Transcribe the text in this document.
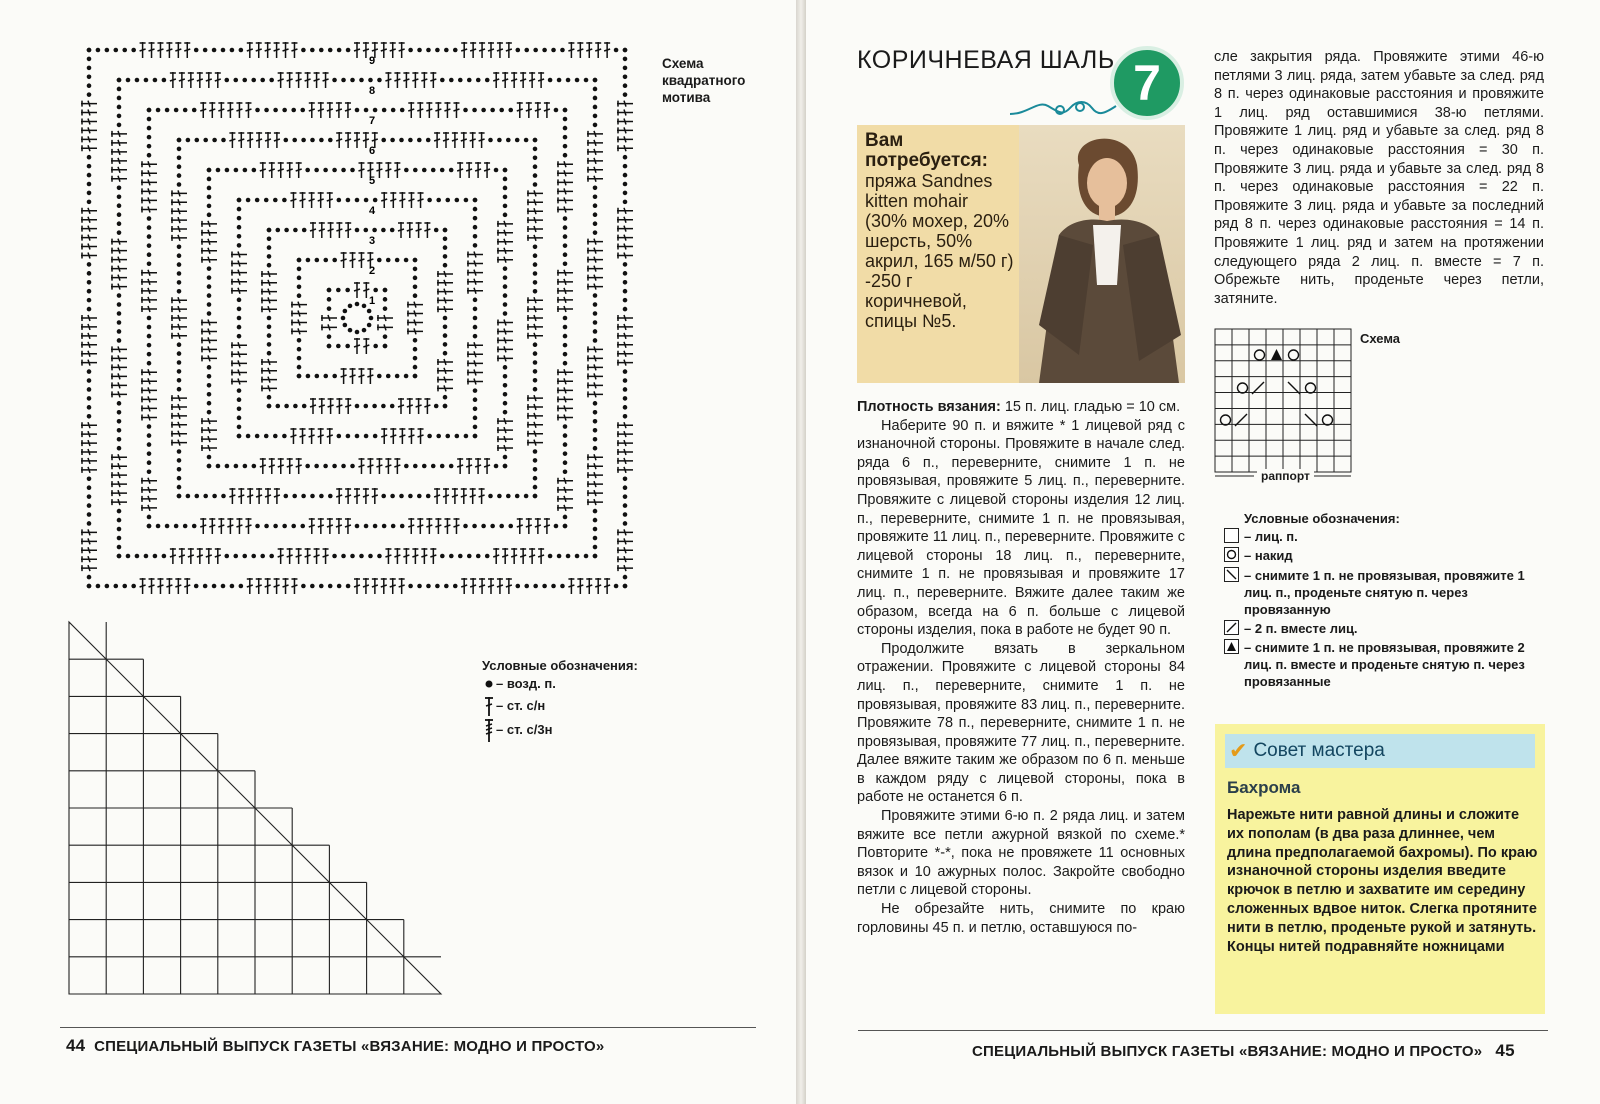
1
2
3
4
5
6
7
8
9	Схема квадратного мотива
Условные обозначения:
– возд. п.
– ст. с/н
– ст. с/3н
44 СПЕЦИАЛЬНЫЙ ВЫПУСК ГАЗЕТЫ «ВЯЗАНИЕ: МОДНО И ПРОСТО»
КОРИЧНЕВАЯ ШАЛЬ 7
Вам потребуется:
пряжа Sandnes kitten mohair (30% мохер, 20% шерсть, 50% акрил, 165 м/50 г) -250 г коричневой, спицы №5.

Плотность вязания: 15 п. лиц. гладью = 10 см.

Наберите 90 п. и вяжите * 1 лицевой ряд с изнаночной стороны. Провяжите в начале след. ряда 6 п., переверните, снимите 1 п. не провязывая, провяжите 5 лиц. п., переверните. Провяжите с лицевой стороны изделия 12 лиц. п., переверните, снимите 1 п. не провязывая, провяжите 11 лиц. п., переверните. Провяжите с лицевой стороны 18 лиц. п., переверните, снимите 1 п. не провязывая и провяжите 17 лиц. п., переверните. Вяжите далее таким же образом, всегда на 6 п. больше с лицевой стороны изделия, пока в работе не будет 90 п.

Продолжите вязать в зеркальном отражении. Провяжите с лицевой стороны 84 лиц. п., переверните, снимите 1 п. не провязывая, провяжите 83 лиц. п., переверните. Провяжите 78 п., переверните, снимите 1 п. не провязывая, провяжите 77 лиц. п., переверните. Далее вяжите таким же образом по 6 п. меньше в каждом ряду с лицевой стороны, пока в работе не останется 6 п.

Провяжите этими 6-ю п. 2 ряда лиц. и затем вяжите все петли ажурной вязкой по схеме.* Повторите *-*, пока не провяжете 11 основных вязок и 10 ажурных полос. Закройте свободно петли с лицевой стороны.

Не обрезайте нить, снимите по краю горловины 45 п. и петлю, оставшуюся по-

сле закрытия ряда. Провяжите этими 46-ю петлями 3 лиц. ряда, затем убавьте за след. ряд 8 п. через одинаковые расстояния и провяжите 1 лиц. ряд оставшимися 38-ю петлями. Провяжите 1 лиц. ряд и убавьте за след. ряд 8 п. через одинаковые расстояния = 30 п. Провяжите 3 лиц. ряда и убавьте за след. ряд 8 п. через одинаковые расстояния = 22 п. Провяжите 3 лиц. ряда и убавьте за последний ряд 8 п. через одинаковые расстояния = 14 п. Провяжите 1 лиц. ряд и затем на протяжении следующего ряда 2 лиц. п. вместе = 7 п. Обрежьте нить, проденьте через петли, затяните.
Схема
раппорт
Условные обозначения:
– лиц. п.
– накид
– снимите 1 п. не провязывая, провяжите 1 лиц. п., проденьте снятую п. через провязанную
– 2 п. вместе лиц.
– снимите 1 п. не провязывая, провяжите 2 лиц. п. вместе и проденьте снятую п. через провязанные
✔ Совет мастера
Бахрома
Нарежьте нити равной длины и сложите их пополам (в два раза длиннее, чем длина предполагаемой бахромы). По краю изнаночной стороны изделия введите крючок в петлю и захватите им середину сложенных вдвое ниток. Слегка протяните нити в петлю, проденьте рукой и затянуть. Концы нитей подравняйте ножницами
СПЕЦИАЛЬНЫЙ ВЫПУСК ГАЗЕТЫ «ВЯЗАНИЕ: МОДНО И ПРОСТО» 45
